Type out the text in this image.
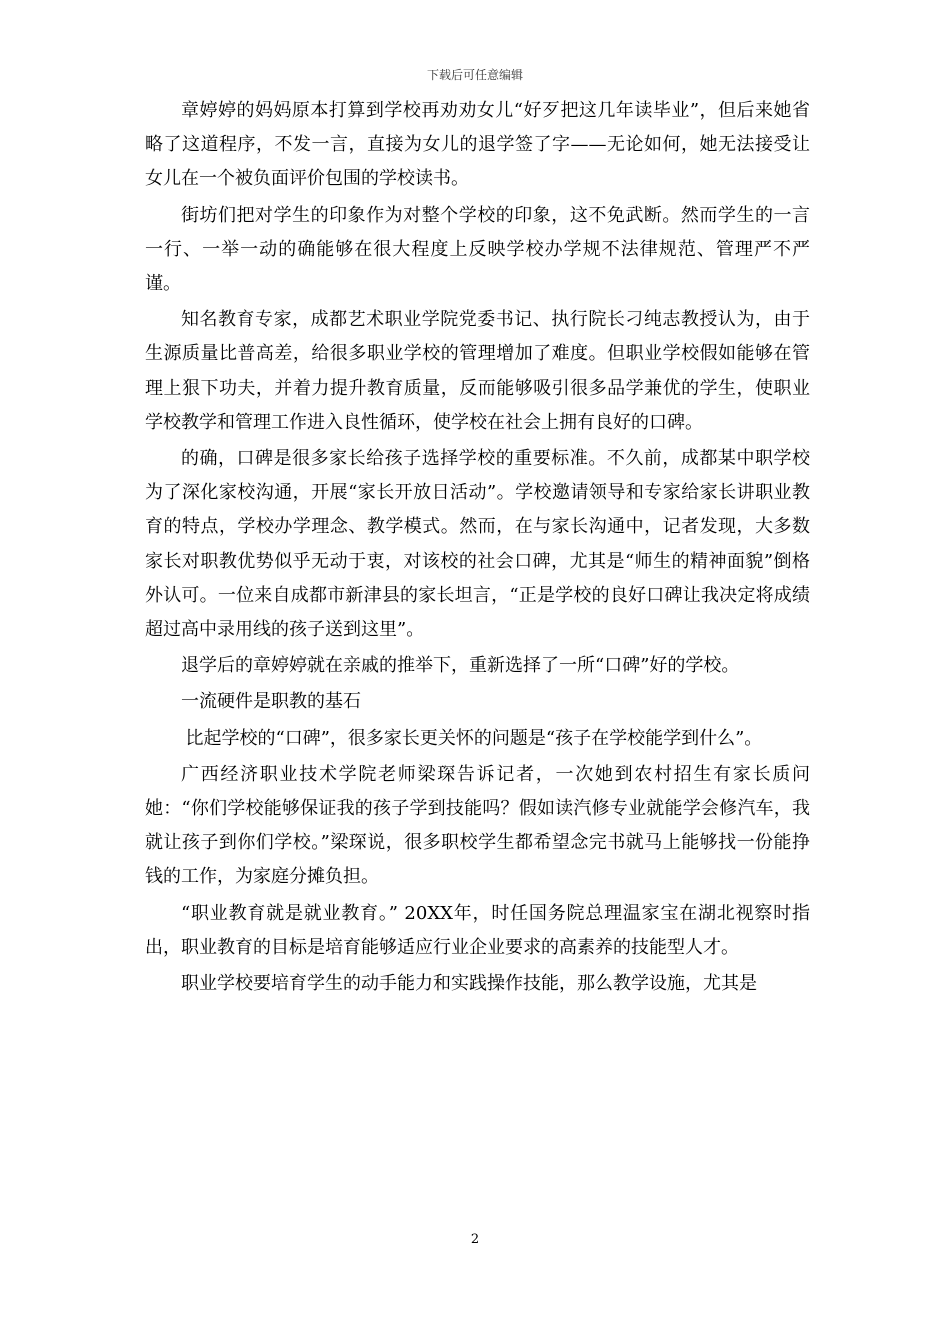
下载后可任意编辑

章婷婷的妈妈原本打算到学校再劝劝女儿“好歹把这几年读毕业”，但后来她省略了这道程序，不发一言，直接为女儿的退学签了字——无论如何，她无法接受让女儿在一个被负面评价包围的学校读书。

街坊们把对学生的印象作为对整个学校的印象，这不免武断。然而学生的一言一行、一举一动的确能够在很大程度上反映学校办学规不法律规范、管理严不严谨。

知名教育专家，成都艺术职业学院党委书记、执行院长刁纯志教授认为，由于生源质量比普高差，给很多职业学校的管理增加了难度。但职业学校假如能够在管理上狠下功夫，并着力提升教育质量，反而能够吸引很多品学兼优的学生，使职业学校教学和管理工作进入良性循环，使学校在社会上拥有良好的口碑。

的确，口碑是很多家长给孩子选择学校的重要标准。不久前，成都某中职学校为了深化家校沟通，开展“家长开放日活动”。学校邀请领导和专家给家长讲职业教育的特点，学校办学理念、教学模式。然而，在与家长沟通中，记者发现，大多数家长对职教优势似乎无动于衷，对该校的社会口碑，尤其是“师生的精神面貌”倒格外认可。一位来自成都市新津县的家长坦言，“正是学校的良好口碑让我决定将成绩超过高中录用线的孩子送到这里”。

退学后的章婷婷就在亲戚的推举下，重新选择了一所“口碑”好的学校。

一流硬件是职教的基石

比起学校的“口碑”，很多家长更关怀的问题是“孩子在学校能学到什么”。

广西经济职业技术学院老师梁琛告诉记者，一次她到农村招生有家长质问她：“你们学校能够保证我的孩子学到技能吗？假如读汽修专业就能学会修汽车，我就让孩子到你们学校。”梁琛说，很多职校学生都希望念完书就马上能够找一份能挣钱的工作，为家庭分摊负担。

“职业教育就是就业教育。” 20XX年，时任国务院总理温家宝在湖北视察时指出，职业教育的目标是培育能够适应行业企业要求的高素养的技能型人才。

职业学校要培育学生的动手能力和实践操作技能，那么教学设施，尤其是

2
